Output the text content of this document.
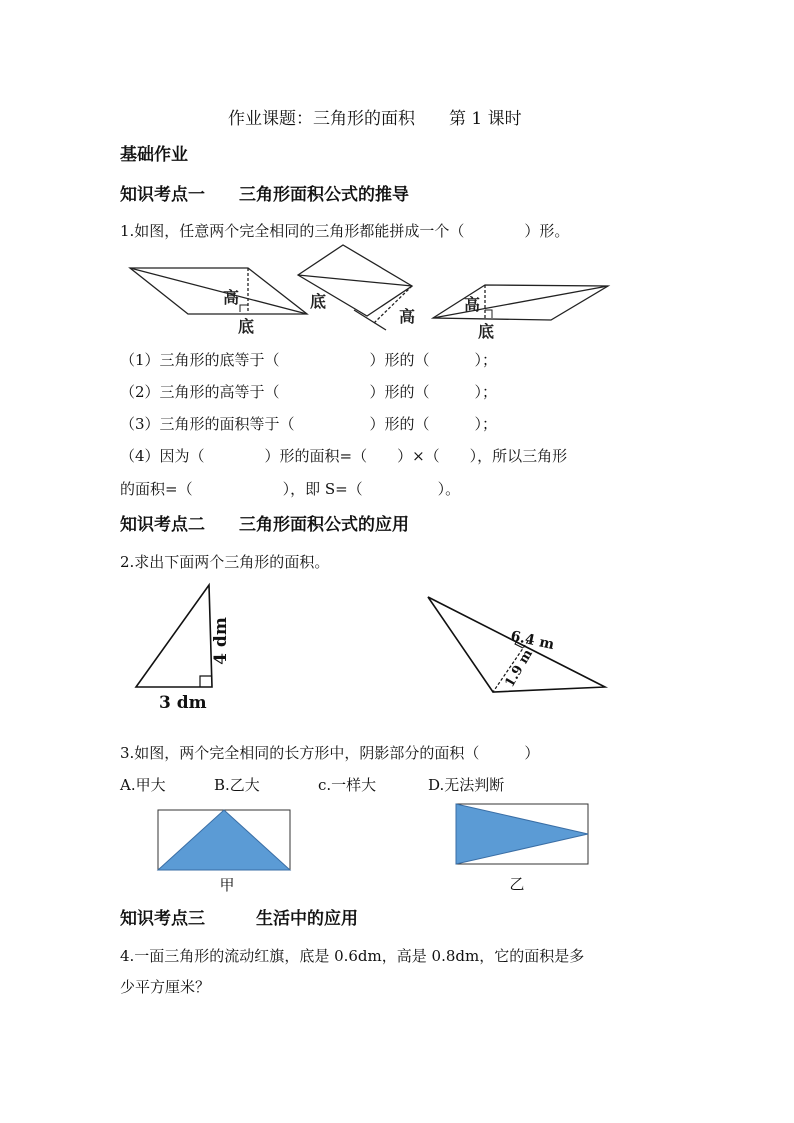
作业课题：三角形的面积　　第 1 课时
基础作业
知识考点一　　三角形面积公式的推导
1.如图，任意两个完全相同的三角形都能拼成一个（　　　　）形。
高
底
底
高
高
底
（1）三角形的底等于（　　　　　　）形的（　　　）；
（2）三角形的高等于（　　　　　　）形的（　　　）；
（3）三角形的面积等于（　　　　　）形的（　　　）；
（4）因为（　　　　）形的面积=（　　）×（　　），所以三角形
的面积=（　　　　　　），即 S=（　　　　　）。
知识考点二　　三角形面积公式的应用
2.求出下面两个三角形的面积。
3 dm
4 dm	6.4 m
1.9 m
3.如图，两个完全相同的长方形中，阴影部分的面积（　　　）
A.甲大	B.乙大	c.一样大	D.无法判断
甲	乙
知识考点三　　　生活中的应用
4.一面三角形的流动红旗，底是 0.6dm，高是 0.8dm，它的面积是多
少平方厘米？
